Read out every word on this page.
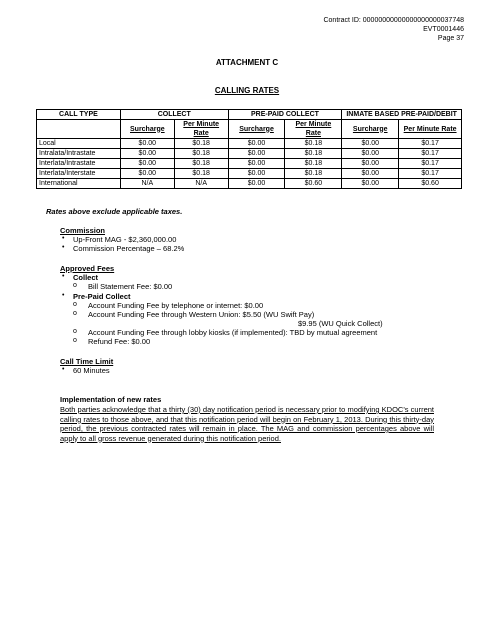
Contract ID: 00000000000000000000037748
EVT0001446
Page 37
ATTACHMENT C
CALLING RATES
CALL TYPE	COLLECT		PRE-PAID COLLECT		INMATE BASED PRE-PAID/DEBIT	
	Surcharge	Per Minute Rate	Surcharge	Per Minute Rate	Surcharge	Per Minute Rate
Local	$0.00	$0.18	$0.00	$0.18	$0.00	$0.17
Intralata/Intrastate	$0.00	$0.18	$0.00	$0.18	$0.00	$0.17
Interlata/Intrastate	$0.00	$0.18	$0.00	$0.18	$0.00	$0.17
Interlata/Interstate	$0.00	$0.18	$0.00	$0.18	$0.00	$0.17
International	N/A	N/A	$0.00	$0.60	$0.00	$0.60
Rates above exclude applicable taxes.
Commission
• Up-Front MAG - $2,360,000.00
• Commission Percentage – 68.2%
Approved Fees
• Collect
o Bill Statement Fee: $0.00
• Pre-Paid Collect
o Account Funding Fee by telephone or internet: $0.00
o Account Funding Fee through Western Union: $5.50 (WU Swift Pay)
$9.95 (WU Quick Collect)
o Account Funding Fee through lobby kiosks (if implemented): TBD by mutual agreement
o Refund Fee: $0.00
Call Time Limit
• 60 Minutes
Implementation of new rates
Both parties acknowledge that a thirty (30) day notification period is necessary prior to modifying KDOC's current calling rates to those above, and that this notification period will begin on February 1, 2013. During this thirty-day period, the previous contracted rates will remain in place. The MAG and commission percentages above will apply to all gross revenue generated during this notification period.
